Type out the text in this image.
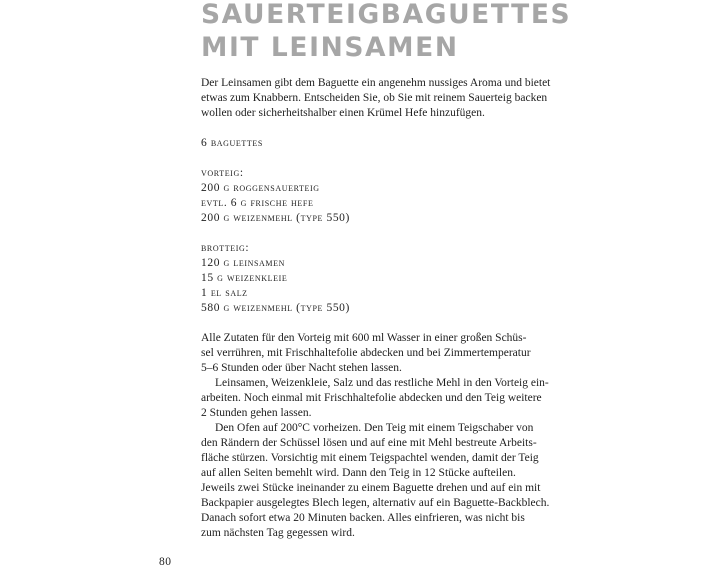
SAUERTEIGBAGUETTES
MIT LEINSAMEN

Der Leinsamen gibt dem Baguette ein angenehm nussiges Aroma und bietet
etwas zum Knabbern. Entscheiden Sie, ob Sie mit reinem Sauerteig backen
wollen oder sicherheitshalber einen Krümel Hefe hinzufügen.

6 baguettes
vorteig:
200 g roggensauerteig
evtl. 6 g frische hefe
200 g weizenmehl (type 550)
brotteig:
120 g leinsamen
15 g weizenkleie
1 el salz
580 g weizenmehl (type 550)
Alle Zutaten für den Vorteig mit 600 ml Wasser in einer großen Schüs-
sel verrühren, mit Frischhaltefolie abdecken und bei Zimmertemperatur
5–6 Stunden oder über Nacht stehen lassen.
Leinsamen, Weizenkleie, Salz und das restliche Mehl in den Vorteig ein-
arbeiten. Noch einmal mit Frischhaltefolie abdecken und den Teig weitere
2 Stunden gehen lassen.
Den Ofen auf 200°C vorheizen. Den Teig mit einem Teigschaber von
den Rändern der Schüssel lösen und auf eine mit Mehl bestreute Arbeits-
fläche stürzen. Vorsichtig mit einem Teigspachtel wenden, damit der Teig
auf allen Seiten bemehlt wird. Dann den Teig in 12 Stücke aufteilen.
Jeweils zwei Stücke ineinander zu einem Baguette drehen und auf ein mit
Backpapier ausgelegtes Blech legen, alternativ auf ein Baguette-Backblech.
Danach sofort etwa 20 Minuten backen. Alles einfrieren, was nicht bis
zum nächsten Tag gegessen wird.
80
